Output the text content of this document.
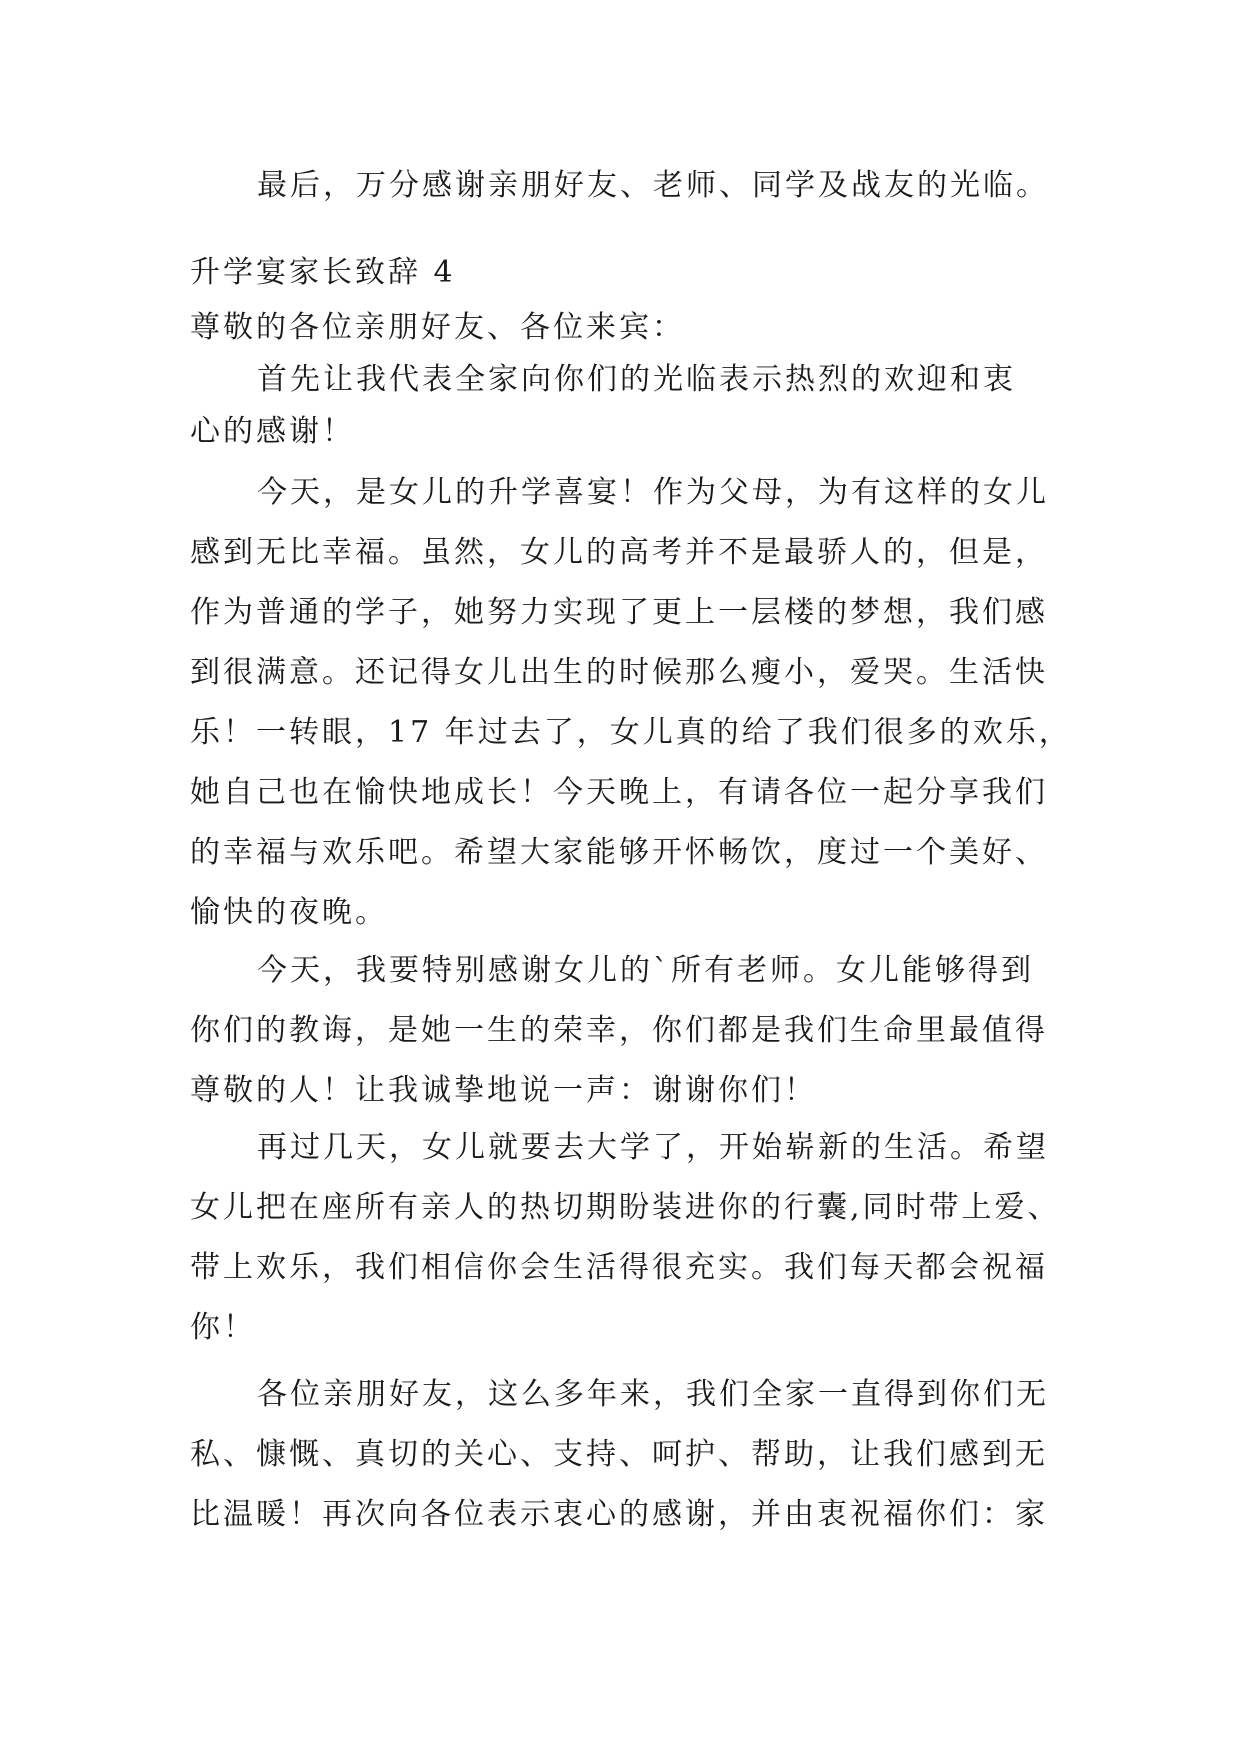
最后，万分感谢亲朋好友、老师、同学及战友的光临。
升学宴家长致辞 4
尊敬的各位亲朋好友、各位来宾：
首先让我代表全家向你们的光临表示热烈的欢迎和衷
心的感谢！
今天，是女儿的升学喜宴！作为父母，为有这样的女儿
感到无比幸福。虽然，女儿的高考并不是最骄人的，但是，
作为普通的学子，她努力实现了更上一层楼的梦想，我们感
到很满意。还记得女儿出生的时候那么瘦小，爱哭。生活快
乐！一转眼，17 年过去了，女儿真的给了我们很多的欢乐，
她自己也在愉快地成长！今天晚上，有请各位一起分享我们
的幸福与欢乐吧。希望大家能够开怀畅饮，度过一个美好、
愉快的夜晚。
今天，我要特别感谢女儿的`所有老师。女儿能够得到
你们的教诲，是她一生的荣幸，你们都是我们生命里最值得
尊敬的人！让我诚挚地说一声：谢谢你们！
再过几天，女儿就要去大学了，开始崭新的生活。希望
女儿把在座所有亲人的热切期盼装进你的行囊,同时带上爱、
带上欢乐，我们相信你会生活得很充实。我们每天都会祝福
你！
各位亲朋好友，这么多年来，我们全家一直得到你们无
私、慷慨、真切的关心、支持、呵护、帮助，让我们感到无
比温暖！再次向各位表示衷心的感谢，并由衷祝福你们：家
